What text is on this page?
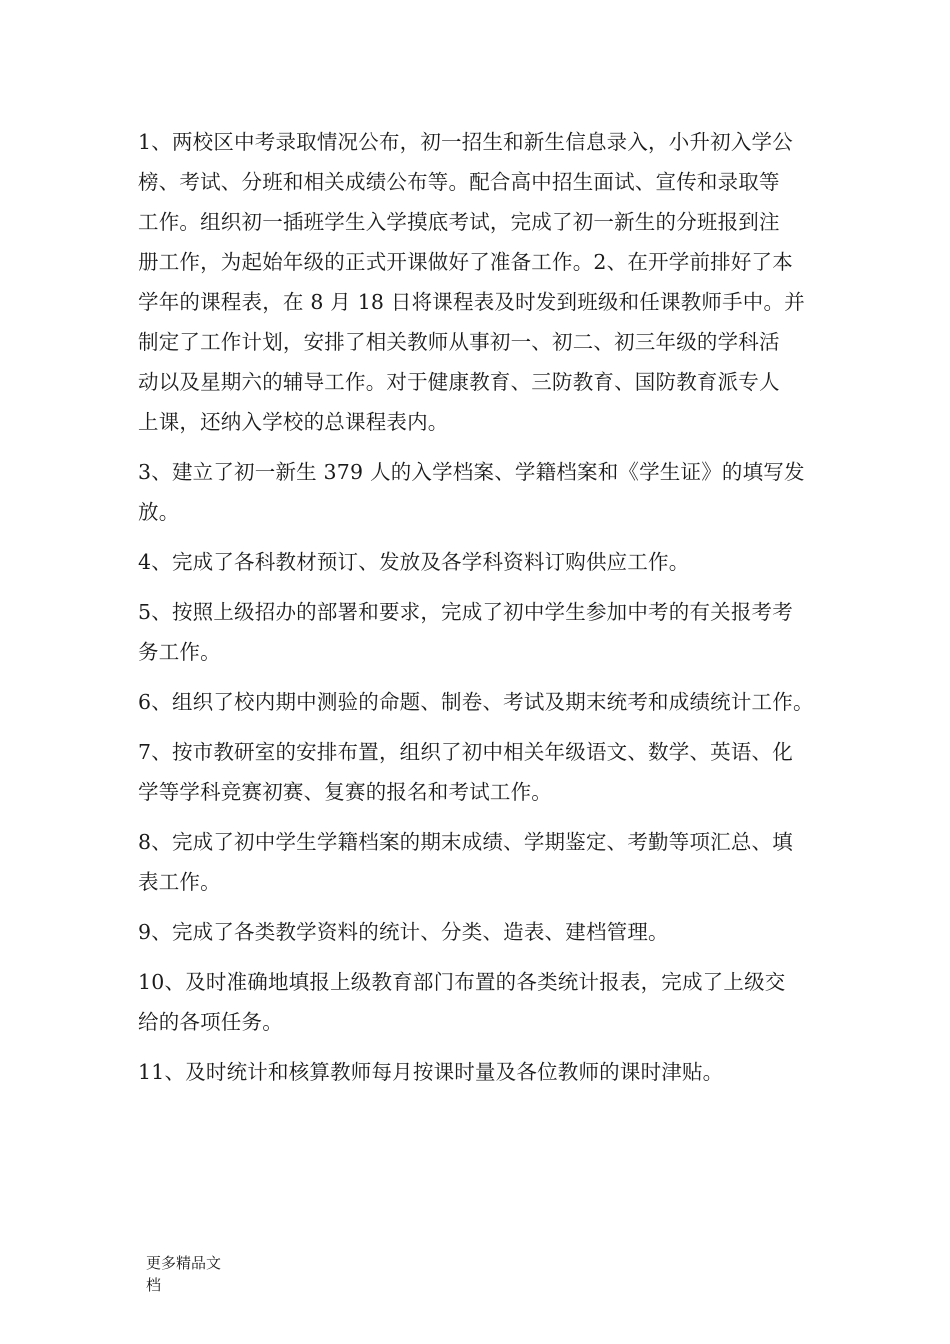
1、两校区中考录取情况公布，初一招生和新生信息录入，小升初入学公
榜、考试、分班和相关成绩公布等。配合高中招生面试、宣传和录取等
工作。组织初一插班学生入学摸底考试，完成了初一新生的分班报到注
册工作，为起始年级的正式开课做好了准备工作。2、在开学前排好了本
学年的课程表，在 8 月 18 日将课程表及时发到班级和任课教师手中。并
制定了工作计划，安排了相关教师从事初一、初二、初三年级的学科活
动以及星期六的辅导工作。对于健康教育、三防教育、国防教育派专人
上课，还纳入学校的总课程表内。
3、建立了初一新生 379 人的入学档案、学籍档案和《学生证》的填写发
放。
4、完成了各科教材预订、发放及各学科资料订购供应工作。
5、按照上级招办的部署和要求，完成了初中学生参加中考的有关报考考
务工作。
6、组织了校内期中测验的命题、制卷、考试及期末统考和成绩统计工作。
7、按市教研室的安排布置，组织了初中相关年级语文、数学、英语、化
学等学科竞赛初赛、复赛的报名和考试工作。
8、完成了初中学生学籍档案的期末成绩、学期鉴定、考勤等项汇总、填
表工作。
9、完成了各类教学资料的统计、分类、造表、建档管理。
10、及时准确地填报上级教育部门布置的各类统计报表，完成了上级交
给的各项任务。
11、及时统计和核算教师每月按课时量及各位教师的课时津贴。
更多精品文
档
